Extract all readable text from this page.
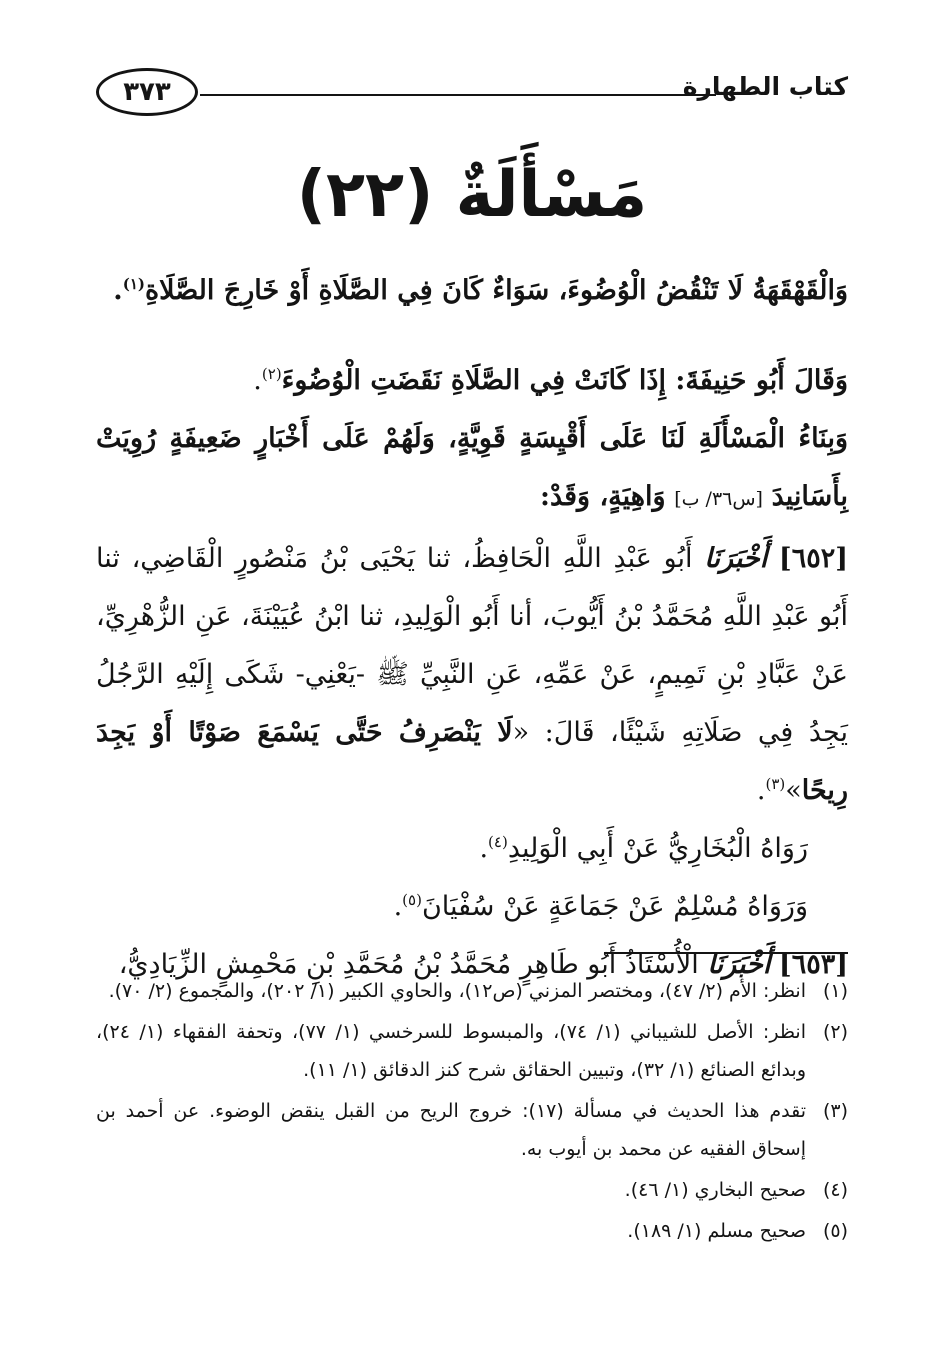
كتاب الطهارة
٣٧٣
مَسْأَلَةٌ (٢٢)

وَالْقَهْقَهَةُ لَا تَنْقُضُ الْوُضُوءَ، سَوَاءٌ كَانَ فِي الصَّلَاةِ أَوْ خَارِجَ الصَّلَاةِ$^{(١)}$.

وَقَالَ أَبُو حَنِيفَةَ: إِذَا كَانَتْ فِي الصَّلَاةِ نَقَضَتِ الْوُضُوءَ$^{(٢)}$.

وَبِنَاءُ الْمَسْأَلَةِ لَنَا عَلَى أَقْيِسَةٍ قَوِيَّةٍ، وَلَهُمْ عَلَى أَخْبَارٍ ضَعِيفَةٍ رُوِيَتْ بِأَسَانِيدَ [س٣٦/ ب] وَاهِيَةٍ، وَقَدْ:

[٦٥٢] أَخْبَرَنَا أَبُو عَبْدِ اللَّهِ الْحَافِظُ، ثنا يَحْيَى بْنُ مَنْصُورٍ الْقَاضِي، ثنا أَبُو عَبْدِ اللَّهِ مُحَمَّدُ بْنُ أَيُّوبَ، أنا أَبُو الْوَلِيدِ، ثنا ابْنُ عُيَيْنَةَ، عَنِ الزُّهْرِيِّ، عَنْ عَبَّادِ بْنِ تَمِيمٍ، عَنْ عَمِّهِ، عَنِ النَّبِيِّ ﷺ -يَعْنِي- شَكَى إِلَيْهِ الرَّجُلُ يَجِدُ فِي صَلَاتِهِ شَيْئًا، قَالَ: «لَا يَنْصَرِفُ حَتَّى يَسْمَعَ صَوْتًا أَوْ يَجِدَ رِيحًا»$^{(٣)}$.

رَوَاهُ الْبُخَارِيُّ عَنْ أَبِي الْوَلِيدِ$^{(٤)}$.

وَرَوَاهُ مُسْلِمٌ عَنْ جَمَاعَةٍ عَنْ سُفْيَانَ$^{(٥)}$.

[٦٥٣] أَخْبَرَنَا الْأُسْتَاذُ أَبُو طَاهِرٍ مُحَمَّدُ بْنُ مُحَمَّدِ بْنِ مَحْمِشٍ الزِّيَادِيُّ،

(١)
انظر: الأم (٢/ ٤٧)، ومختصر المزني (ص١٢)، والحاوي الكبير (١/ ٢٠٢)، والمجموع (٢/ ٧٠).
(٢)
انظر: الأصل للشيباني (١/ ٧٤)، والمبسوط للسرخسي (١/ ٧٧)، وتحفة الفقهاء (١/ ٢٤)، وبدائع الصنائع (١/ ٣٢)، وتبيين الحقائق شرح كنز الدقائق (١/ ١١).
(٣)
تقدم هذا الحديث في مسألة (١٧): خروج الريح من القبل ينقض الوضوء. عن أحمد بن إسحاق الفقيه عن محمد بن أيوب به.
(٤)
صحيح البخاري (١/ ٤٦).
(٥)
صحيح مسلم (١/ ١٨٩).
